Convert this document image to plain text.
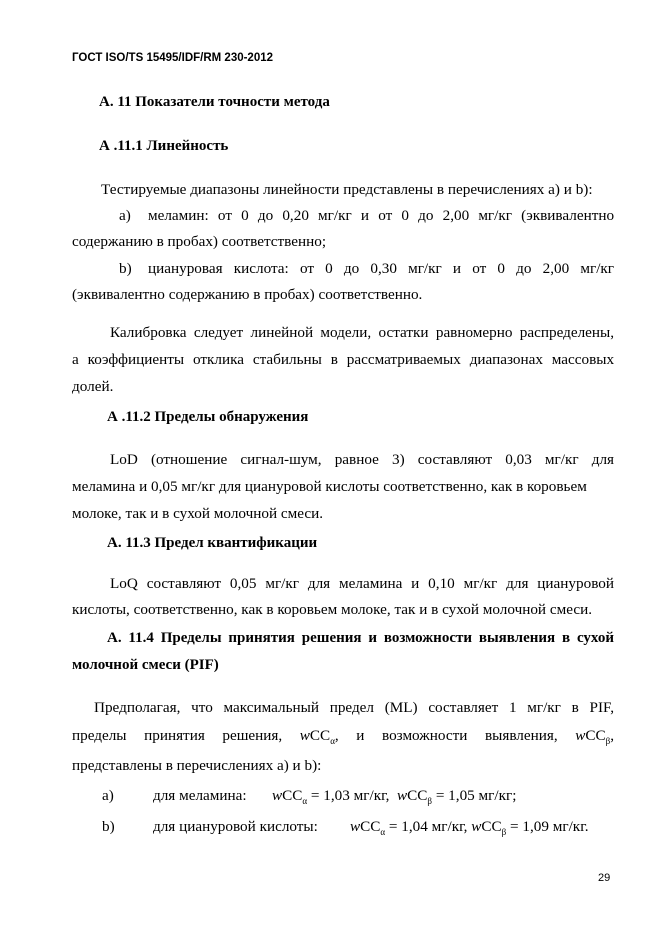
ГОСТ ISO/TS 15495/IDF/RM 230-2012
А. 11 Показатели точности метода
А .11.1 Линейность
Тестируемые диапазоны линейности представлены в перечислениях а) и b):
а) меламин: от 0 до 0,20 мг/кг и от 0 до 2,00 мг/кг (эквивалентно
содержанию в пробах) соответственно;
b) циануровая кислота: от 0 до 0,30 мг/кг и от 0 до 2,00 мг/кг
(эквивалентно содержанию в пробах) соответственно.
Калибровка следует линейной модели, остатки равномерно распределены,
а коэффициенты отклика стабильны в рассматриваемых диапазонах массовых
долей.
А .11.2 Пределы обнаружения
LoD (отношение сигнал-шум, равное 3) составляют 0,03 мг/кг для
меламина и 0,05 мг/кг для циануровой кислоты соответственно, как в коровьем
молоке, так и в сухой молочной смеси.
А. 11.3 Предел квантификации
LoQ составляют 0,05 мг/кг для меламина и 0,10 мг/кг для циануровой
кислоты, соответственно, как в коровьем молоке, так и в сухой молочной смеси.
А. 11.4 Пределы принятия решения и возможности выявления в сухой
молочной смеси (PIF)
Предполагая, что максимальный предел (ML) составляет 1 мг/кг в PIF,
пределы принятия решения, wCC$_\alpha$, и возможности выявления, wCC$_\beta$,
представлены в перечислениях а) и b):
а)	для меламина: wCC$_\alpha$ = 1,03 мг/кг, wCC$_\beta$ = 1,05 мг/кг;
b)	для циануровой кислоты: wCC$_\alpha$ = 1,04 мг/кг, wCC$_\beta$ = 1,09 мг/кг.
29
